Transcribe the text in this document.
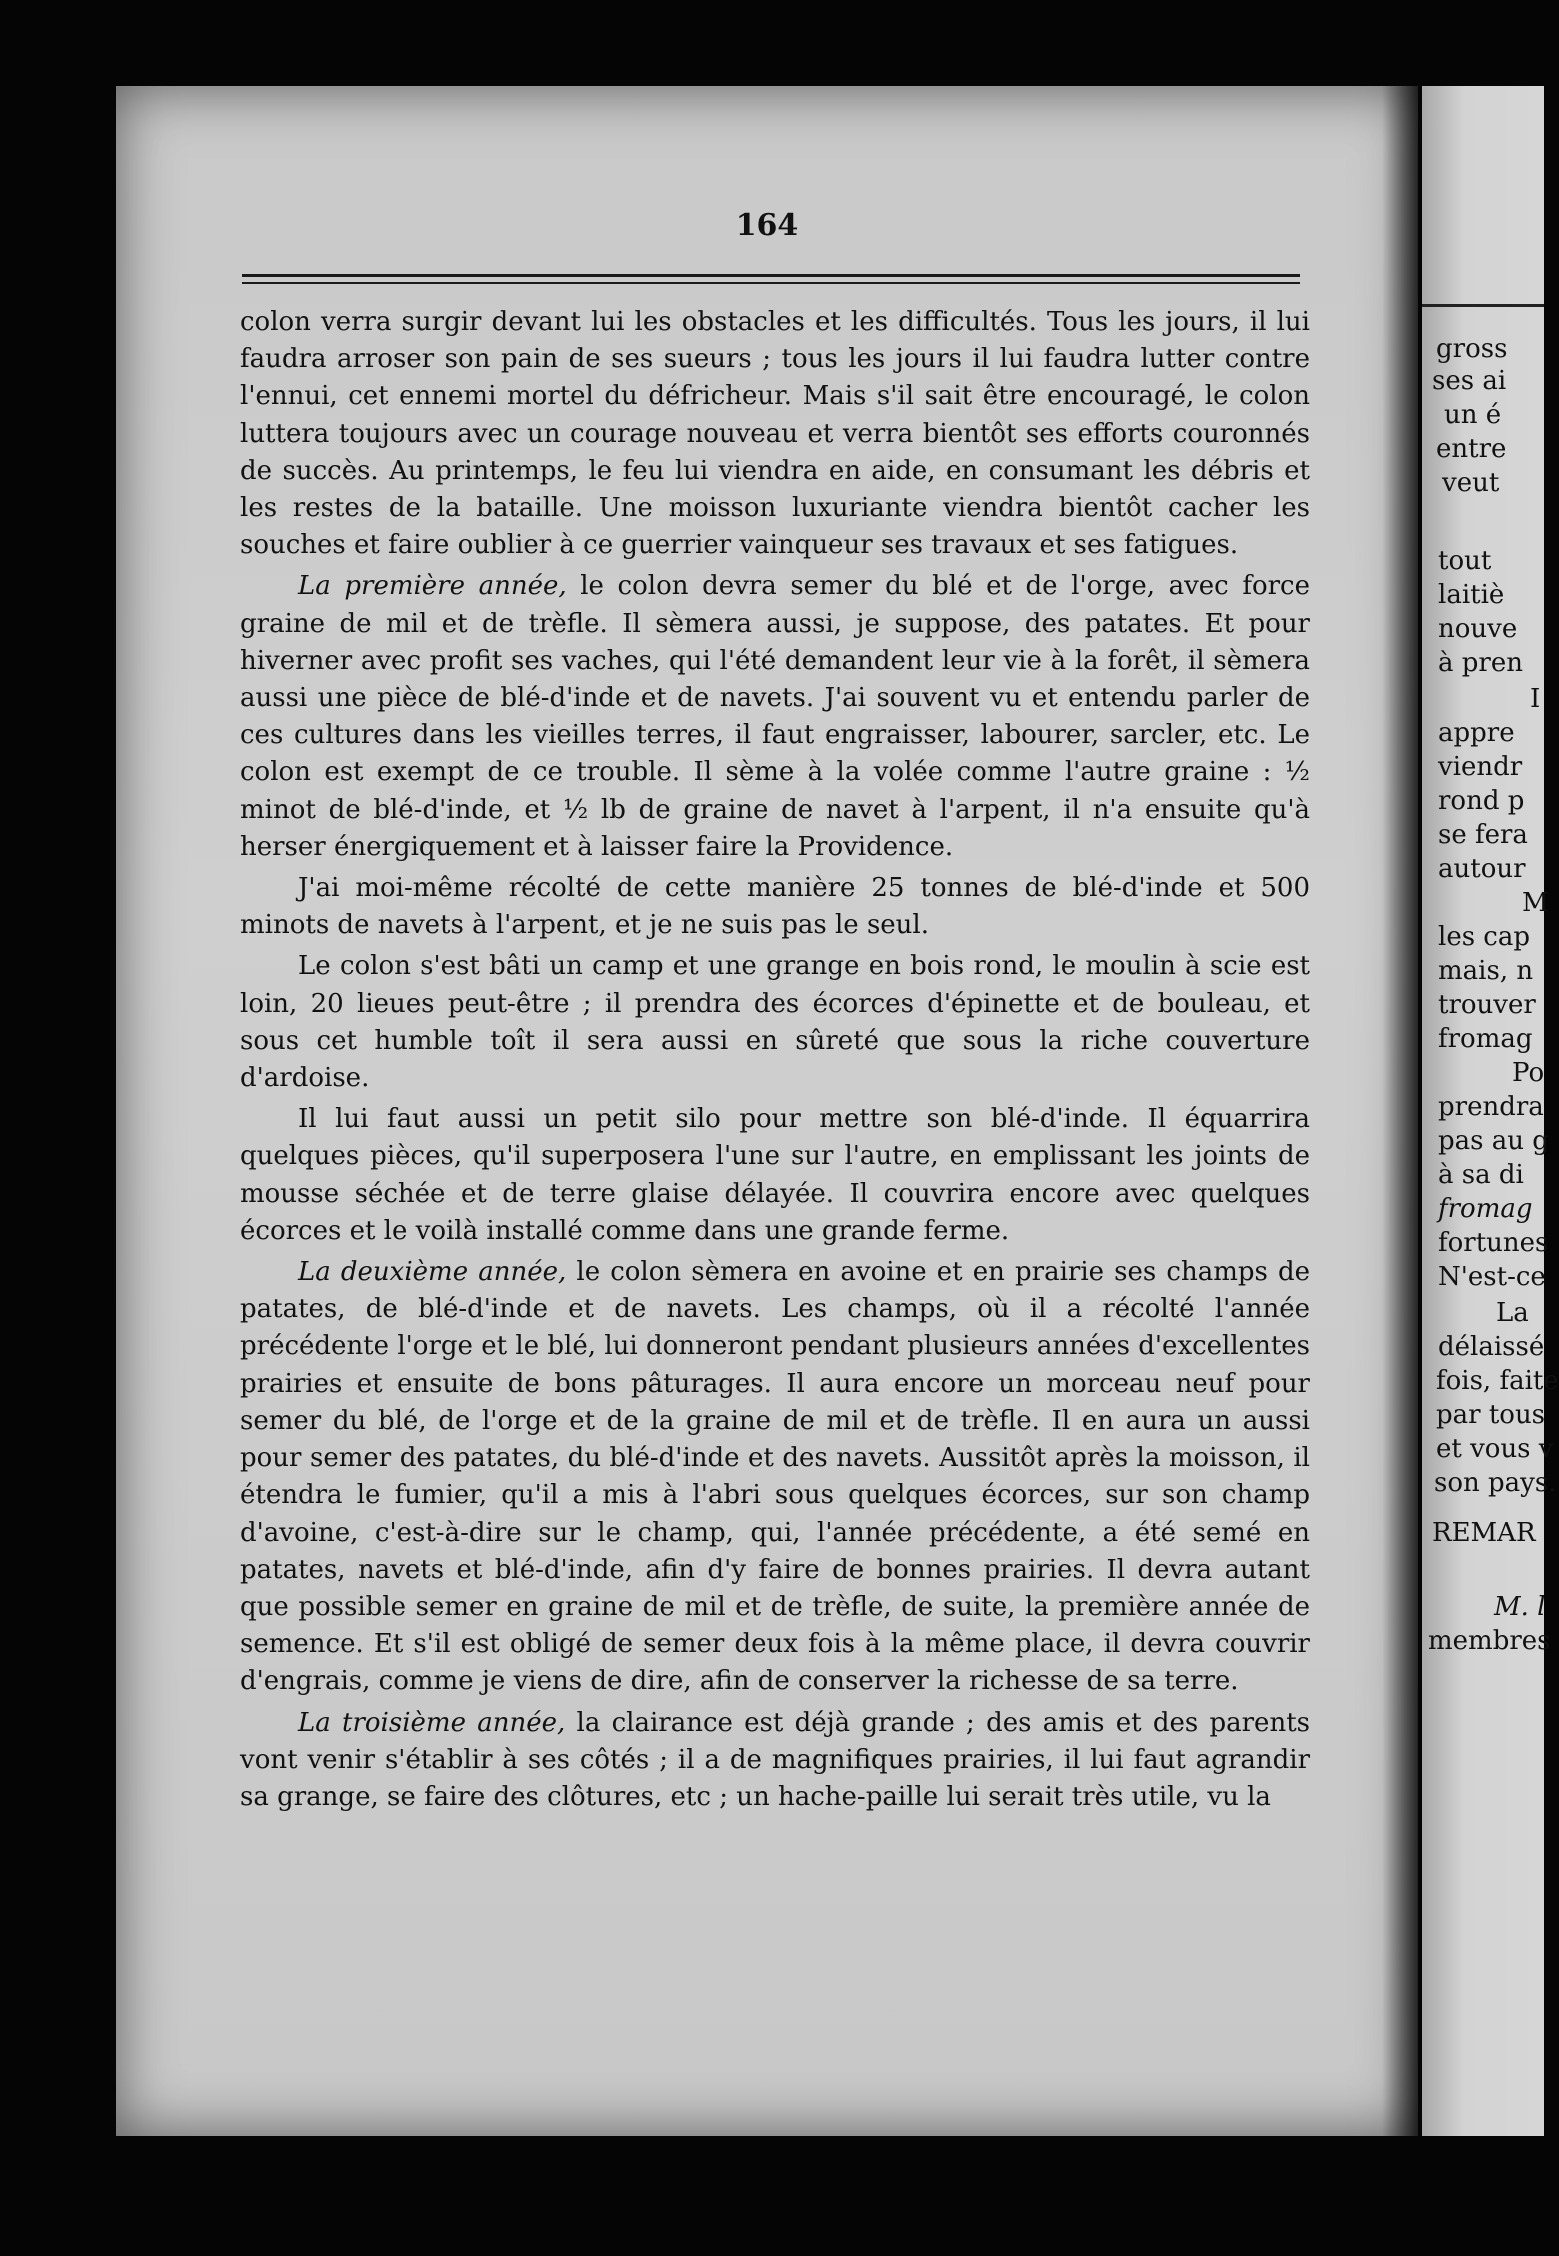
164

colon verra surgir devant lui les obstacles et les difficultés. Tous les jours, il lui faudra arroser son pain de ses sueurs ; tous les jours il lui faudra lutter contre l'ennui, cet ennemi mortel du défricheur. Mais s'il sait être encouragé, le colon luttera toujours avec un courage nouveau et verra bientôt ses efforts couronnés de succès. Au printemps, le feu lui viendra en aide, en consumant les débris et les restes de la bataille. Une moisson luxuriante viendra bientôt cacher les souches et faire oublier à ce guerrier vainqueur ses travaux et ses fatigues.

La première année, le colon devra semer du blé et de l'orge, avec force graine de mil et de trèfle. Il sèmera aussi, je suppose, des patates. Et pour hiverner avec profit ses vaches, qui l'été demandent leur vie à la forêt, il sèmera aussi une pièce de blé-d'inde et de navets. J'ai souvent vu et entendu parler de ces cultures dans les vieilles terres, il faut engraisser, labourer, sarcler, etc. Le colon est exempt de ce trouble. Il sème à la volée comme l'autre graine : ½ minot de blé-d'inde, et ½ lb de graine de navet à l'arpent, il n'a ensuite qu'à herser énergiquement et à laisser faire la Providence.

J'ai moi-même récolté de cette manière 25 tonnes de blé-d'inde et 500 minots de navets à l'arpent, et je ne suis pas le seul.

Le colon s'est bâti un camp et une grange en bois rond, le moulin à scie est loin, 20 lieues peut-être ; il prendra des écorces d'épinette et de bouleau, et sous cet humble toît il sera aussi en sûreté que sous la riche couverture d'ardoise.

Il lui faut aussi un petit silo pour mettre son blé-d'inde. Il équarrira quelques pièces, qu'il superposera l'une sur l'autre, en emplissant les joints de mousse séchée et de terre glaise délayée. Il couvrira encore avec quelques écorces et le voilà installé comme dans une grande ferme.

La deuxième année, le colon sèmera en avoine et en prairie ses champs de patates, de blé-d'inde et de navets. Les champs, où il a récolté l'année précédente l'orge et le blé, lui donneront pendant plusieurs années d'excellentes prairies et ensuite de bons pâturages. Il aura encore un morceau neuf pour semer du blé, de l'orge et de la graine de mil et de trèfle. Il en aura un aussi pour semer des patates, du blé-d'inde et des navets. Aussitôt après la moisson, il étendra le fumier, qu'il a mis à l'abri sous quelques écorces, sur son champ d'avoine, c'est-à-dire sur le champ, qui, l'année précédente, a été semé en patates, navets et blé-d'inde, afin d'y faire de bonnes prairies. Il devra autant que possible semer en graine de mil et de trèfle, de suite, la première année de semence. Et s'il est obligé de semer deux fois à la même place, il devra couvrir d'engrais, comme je viens de dire, afin de conserver la richesse de sa terre.

La troisième année, la clairance est déjà grande ; des amis et des parents vont venir s'établir à ses côtés ; il a de magnifiques prairies, il lui faut agrandir sa grange, se faire des clôtures, etc ; un hache-paille lui serait très utile, vu la

gross
ses ai
un é
entre
veut
tout
laitiè
nouve
à pren
I
appre
viendr
rond p
se fera
autour
M
les cap
mais, n
trouver
fromag
Po
prendra
pas au g
à sa di
fromag
fortunes
N'est-ce
La
délaissé
fois, faite
par tous
et vous v
son pays.
REMAR
M. l
membres
